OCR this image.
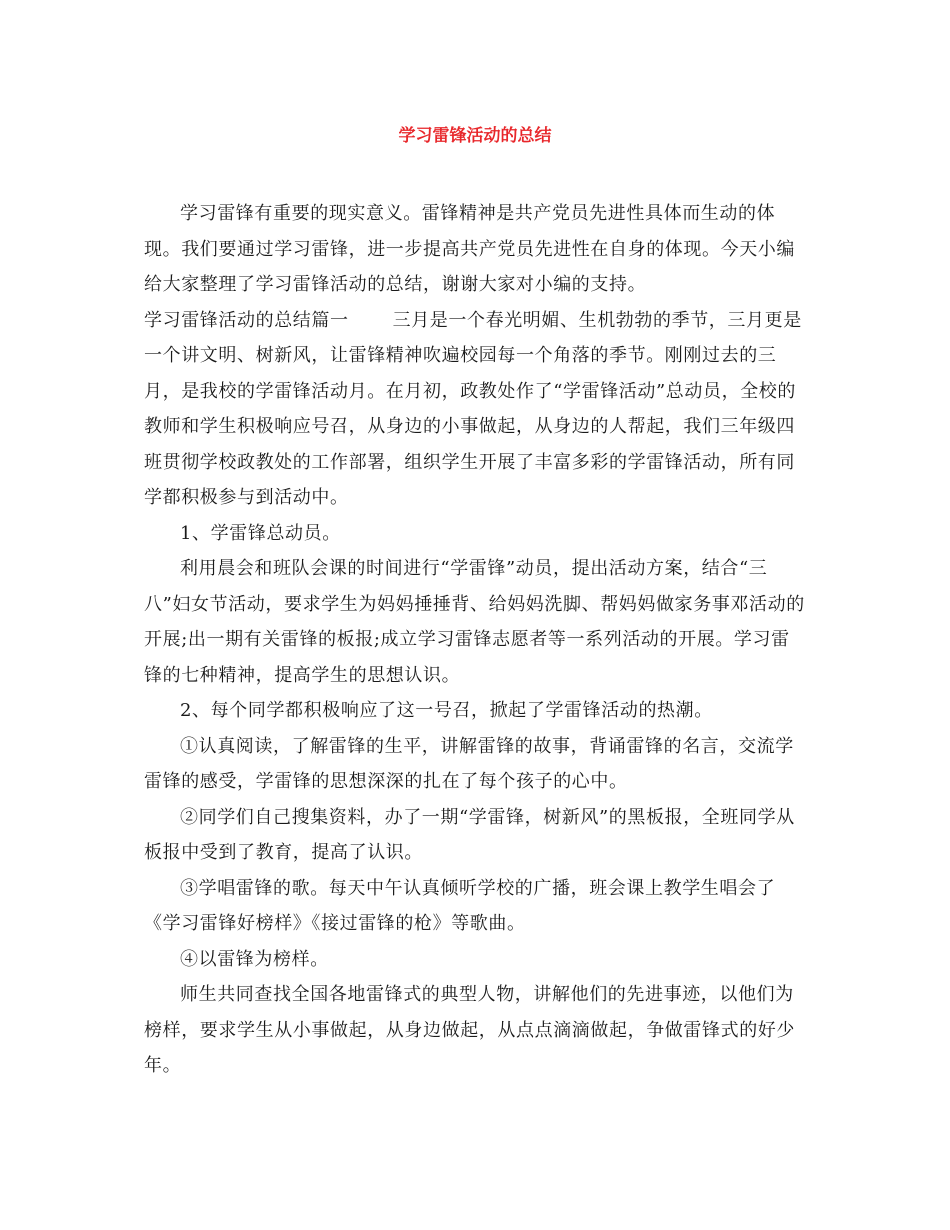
学习雷锋活动的总结

学习雷锋有重要的现实意义。雷锋精神是共产党员先进性具体而生动的体现。我们要通过学习雷锋，进一步提高共产党员先进性在自身的体现。今天小编给大家整理了学习雷锋活动的总结，谢谢大家对小编的支持。

学习雷锋活动的总结篇一 三月是一个春光明媚、生机勃勃的季节，三月更是一个讲文明、树新风，让雷锋精神吹遍校园每一个角落的季节。刚刚过去的三月，是我校的学雷锋活动月。在月初，政教处作了“学雷锋活动”总动员，全校的教师和学生积极响应号召，从身边的小事做起，从身边的人帮起，我们三年级四班贯彻学校政教处的工作部署，组织学生开展了丰富多彩的学雷锋活动，所有同学都积极参与到活动中。

1、学雷锋总动员。

利用晨会和班队会课的时间进行“学雷锋”动员，提出活动方案，结合“三八”妇女节活动，要求学生为妈妈捶捶背、给妈妈洗脚、帮妈妈做家务事邓活动的开展;出一期有关雷锋的板报;成立学习雷锋志愿者等一系列活动的开展。学习雷锋的七种精神，提高学生的思想认识。

2、每个同学都积极响应了这一号召，掀起了学雷锋活动的热潮。

①认真阅读，了解雷锋的生平，讲解雷锋的故事，背诵雷锋的名言，交流学雷锋的感受，学雷锋的思想深深的扎在了每个孩子的心中。

②同学们自己搜集资料，办了一期“学雷锋，树新风”的黑板报，全班同学从板报中受到了教育，提高了认识。

③学唱雷锋的歌。每天中午认真倾听学校的广播，班会课上教学生唱会了《学习雷锋好榜样》《接过雷锋的枪》等歌曲。

④以雷锋为榜样。

师生共同查找全国各地雷锋式的典型人物，讲解他们的先进事迹，以他们为榜样，要求学生从小事做起，从身边做起，从点点滴滴做起，争做雷锋式的好少年。
